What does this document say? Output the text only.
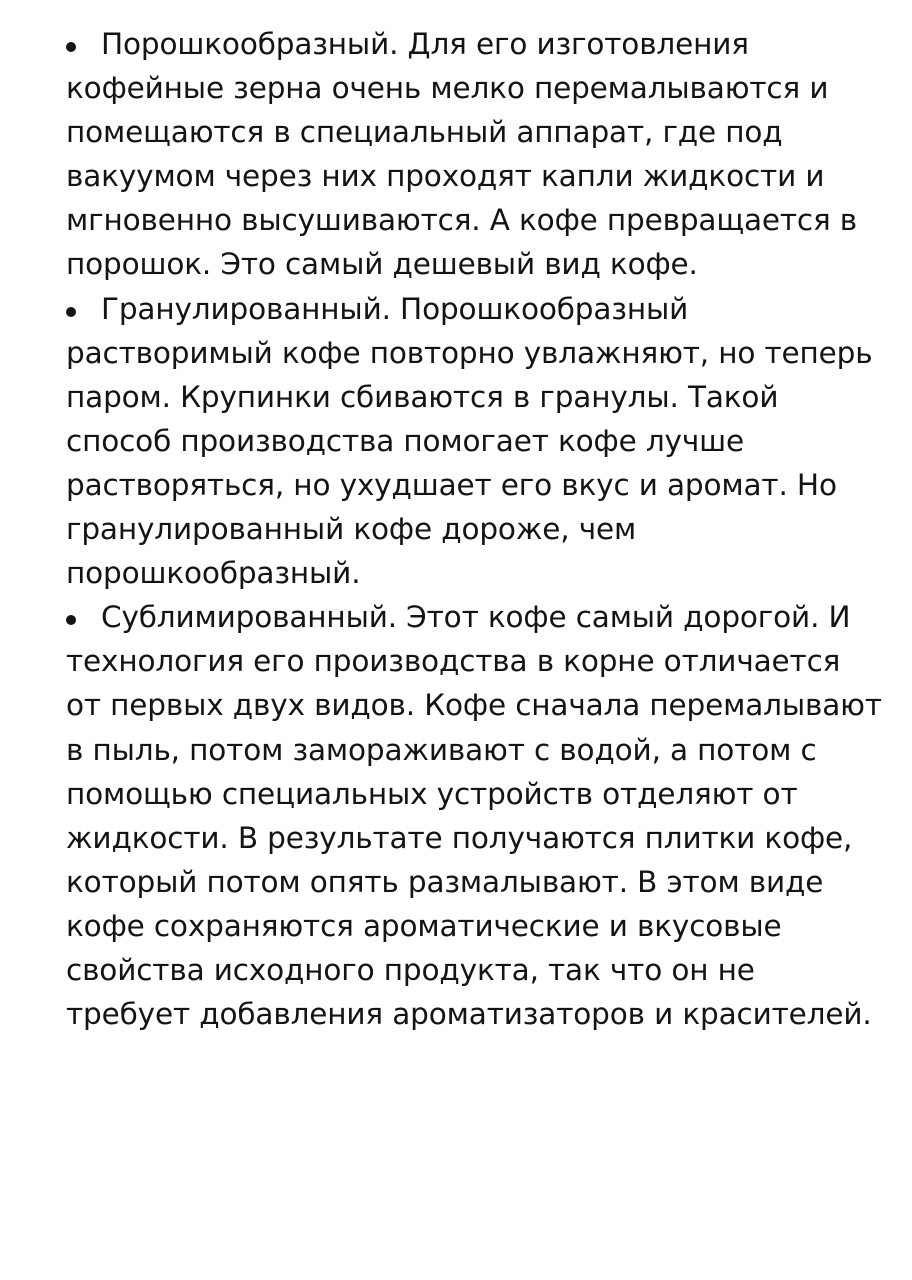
Порошкообразный. Для его изготовления кофейные зерна очень мелко перемалываются и помещаются в специальный аппарат, где под вакуумом через них проходят капли жидкости и мгновенно высушиваются. А кофе превращается в порошок. Это самый дешевый вид кофе.
Гранулированный. Порошкообразный растворимый кофе повторно увлажняют, но теперь паром. Крупинки сбиваются в гранулы. Такой способ производства помогает кофе лучше растворяться, но ухудшает его вкус и аромат. Но гранулированный кофе дороже, чем порошкообразный.
Сублимированный. Этот кофе самый дорогой. И технология его производства в корне отличается от первых двух видов. Кофе сначала перемалывают в пыль, потом замораживают с водой, а потом с помощью специальных устройств отделяют от жидкости. В результате получаются плитки кофе, который потом опять размалывают. В этом виде кофе сохраняются ароматические и вкусовые свойства исходного продукта, так что он не требует добавления ароматизаторов и красителей.
